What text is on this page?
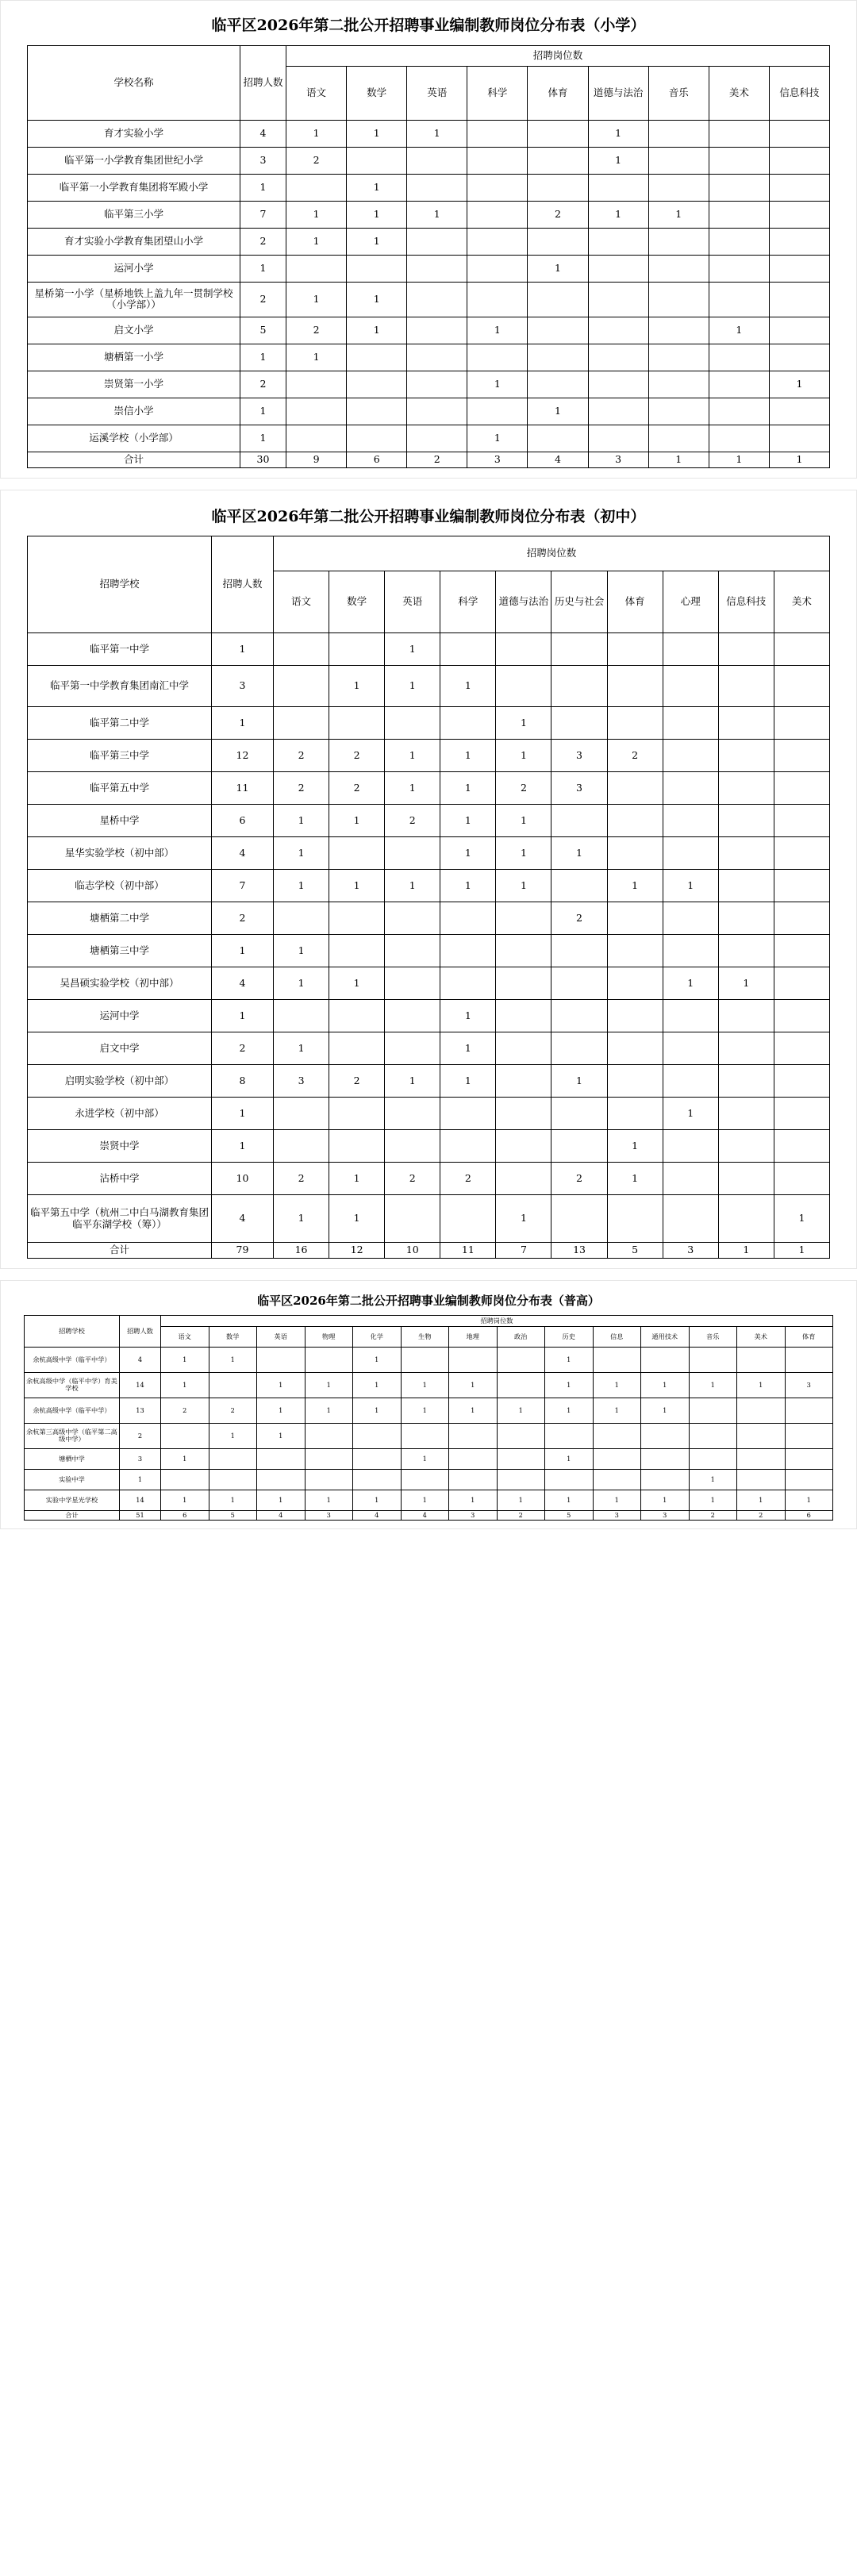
临平区2026年第二批公开招聘事业编制教师岗位分布表（小学）
学校名称	招聘人数	招聘岗位数								
		语文	数学	英语	科学	体育	道德与法治	音乐	美术	信息科技
育才实验小学	4	1	1	1			1			
临平第一小学教育集团世纪小学	3	2					1			
临平第一小学教育集团将军殿小学	1		1							
临平第三小学	7	1	1	1		2	1	1		
育才实验小学教育集团望山小学	2	1	1							
运河小学	1					1				
星桥第一小学（星桥地铁上盖九年一贯制学校（小学部））	2	1	1							
启文小学	5	2	1		1				1	
塘栖第一小学	1	1								
崇贤第一小学	2				1					1
崇信小学	1					1				
运溪学校（小学部）	1				1					
合计	30	9	6	2	3	4	3	1	1	1
临平区2026年第二批公开招聘事业编制教师岗位分布表（初中）
招聘学校	招聘人数	招聘岗位数									
		语文	数学	英语	科学	道德与法治	历史与社会	体育	心理	信息科技	美术
临平第一中学	1			1							
临平第一中学教育集团南汇中学	3		1	1	1						
临平第二中学	1					1					
临平第三中学	12	2	2	1	1	1	3	2			
临平第五中学	11	2	2	1	1	2	3				
星桥中学	6	1	1	2	1	1					
星华实验学校（初中部）	4	1			1	1	1				
临志学校（初中部）	7	1	1	1	1	1		1	1		
塘栖第二中学	2						2				
塘栖第三中学	1	1									
吴昌硕实验学校（初中部）	4	1	1						1	1	
运河中学	1				1						
启文中学	2	1			1						
启明实验学校（初中部）	8	3	2	1	1		1				
永进学校（初中部）	1								1		
崇贤中学	1							1			
沾桥中学	10	2	1	2	2		2	1			
临平第五中学（杭州二中白马湖教育集团临平东湖学校（筹））	4	1	1			1					1
合计	79	16	12	10	11	7	13	5	3	1	1
临平区2026年第二批公开招聘事业编制教师岗位分布表（普高）
招聘学校	招聘人数	招聘岗位数													
		语文	数学	英语	物理	化学	生物	地理	政治	历史	信息	通用技术	音乐	美术	体育
余杭高级中学（临平中学）	4	1	1			1				1					
余杭高级中学（临平中学）育美学校	14	1		1	1	1	1	1		1	1	1	1	1	3
余杭高级中学（临平中学）	13	2	2	1	1	1	1	1	1	1	1	1			
余杭第三高级中学（临平第二高级中学）	2		1	1											
塘栖中学	3	1					1			1					
实验中学	1												1		
实验中学星光学校	14	1	1	1	1	1	1	1	1	1	1	1	1	1	1
合计	51	6	5	4	3	4	4	3	2	5	3	3	2	2	6
